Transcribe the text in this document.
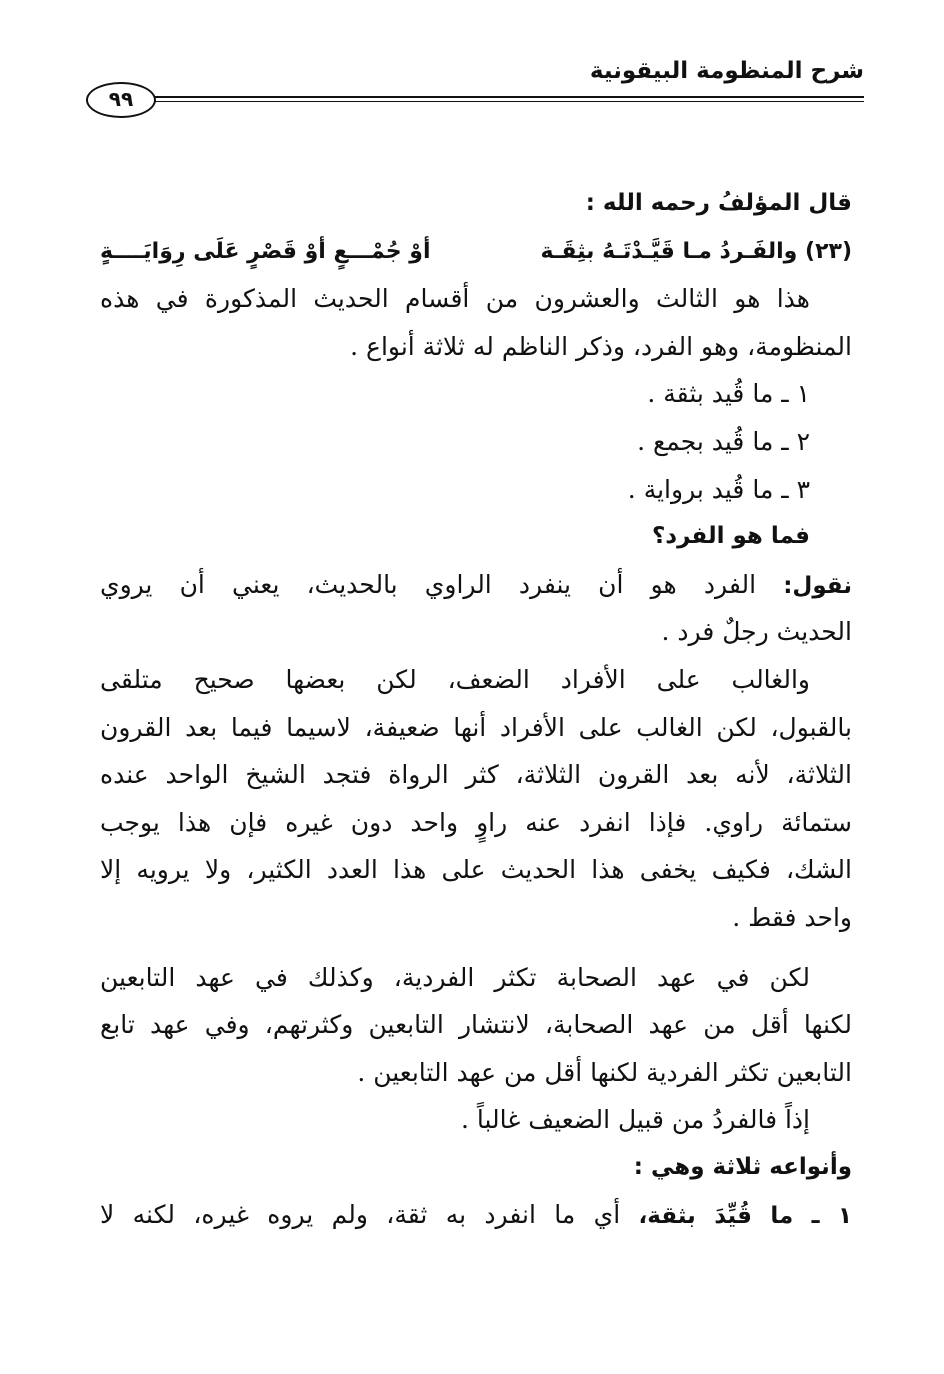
شرح المنظومة البيقونية
٩٩
قال المؤلفُ رحمه الله :
(٢٣) والفَـردُ مـا قَيَّـدْتَـهُ بثِقَـة
أوْ جُمْـــعٍ أوْ قَصْرٍ عَلَى رِوَايَــــةٍ
هذا هو الثالث والعشرون من أقسام الحديث المذكورة في هذه
المنظومة، وهو الفرد، وذكر الناظم له ثلاثة أنواع .
١ ـ ما قُيد بثقة .
٢ ـ ما قُيد بجمع .
٣ ـ ما قُيد برواية .
فما هو الفرد؟
نقول: الفرد هو أن ينفرد الراوي بالحديث، يعني أن يروي
الحديث رجلٌ فرد .
والغالب على الأفراد الضعف، لكن بعضها صحيح متلقى
بالقبول، لكن الغالب على الأفراد أنها ضعيفة، لاسيما فيما بعد القرون
الثلاثة، لأنه بعد القرون الثلاثة، كثر الرواة فتجد الشيخ الواحد عنده
ستمائة راوي. فإذا انفرد عنه راوٍ واحد دون غيره فإن هذا يوجب
الشك، فكيف يخفى هذا الحديث على هذا العدد الكثير، ولا يرويه إلا
واحد فقط .
لكن في عهد الصحابة تكثر الفردية، وكذلك في عهد التابعين
لكنها أقل من عهد الصحابة، لانتشار التابعين وكثرتهم، وفي عهد تابع
التابعين تكثر الفردية لكنها أقل من عهد التابعين .
إذاً فالفردُ من قبيل الضعيف غالباً .
وأنواعه ثلاثة وهي :
١ ـ ما قُيِّدَ بثقة، أي ما انفرد به ثقة، ولم يروه غيره، لكنه لا
